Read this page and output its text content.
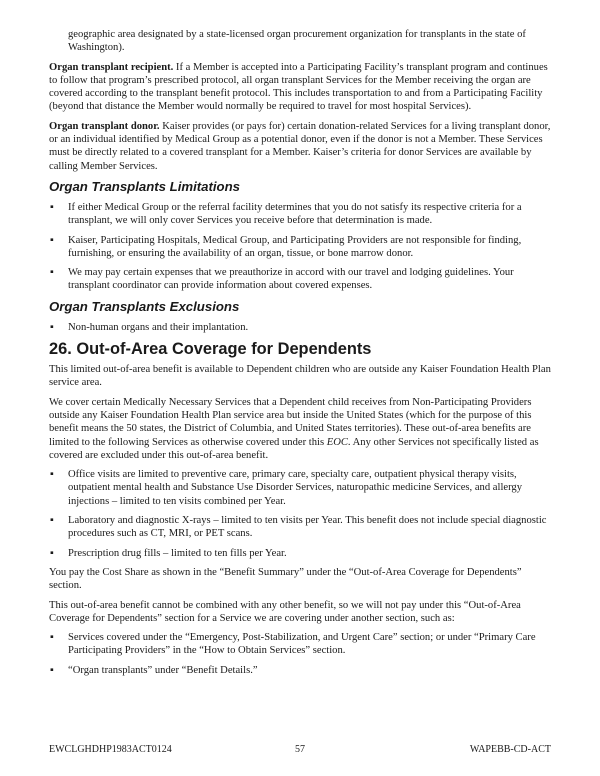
geographic area designated by a state-licensed organ procurement organization for transplants in the state of Washington).

Organ transplant recipient. If a Member is accepted into a Participating Facility’s transplant program and continues to follow that program’s prescribed protocol, all organ transplant Services for the Member receiving the organ are covered according to the transplant benefit protocol. This includes transportation to and from a Participating Facility (beyond that distance the Member would normally be required to travel for most hospital Services).

Organ transplant donor. Kaiser provides (or pays for) certain donation-related Services for a living transplant donor, or an individual identified by Medical Group as a potential donor, even if the donor is not a Member. These Services must be directly related to a covered transplant for a Member. Kaiser’s criteria for donor Services are available by calling Member Services.

Organ Transplants Limitations
▪ If either Medical Group or the referral facility determines that you do not satisfy its respective criteria for a transplant, we will only cover Services you receive before that determination is made.
▪ Kaiser, Participating Hospitals, Medical Group, and Participating Providers are not responsible for finding, furnishing, or ensuring the availability of an organ, tissue, or bone marrow donor.
▪ We may pay certain expenses that we preauthorize in accord with our travel and lodging guidelines. Your transplant coordinator can provide information about covered expenses.
Organ Transplants Exclusions
▪ Non-human organs and their implantation.
26. Out-of-Area Coverage for Dependents

This limited out-of-area benefit is available to Dependent children who are outside any Kaiser Foundation Health Plan service area.

We cover certain Medically Necessary Services that a Dependent child receives from Non-Participating Providers outside any Kaiser Foundation Health Plan service area but inside the United States (which for the purpose of this benefit means the 50 states, the District of Columbia, and United States territories). These out-of-area benefits are limited to the following Services as otherwise covered under this EOC. Any other Services not specifically listed as covered are excluded under this out-of-area benefit.

▪ Office visits are limited to preventive care, primary care, specialty care, outpatient physical therapy visits, outpatient mental health and Substance Use Disorder Services, naturopathic medicine Services, and allergy injections – limited to ten visits combined per Year.
▪ Laboratory and diagnostic X-rays – limited to ten visits per Year. This benefit does not include special diagnostic procedures such as CT, MRI, or PET scans.
▪ Prescription drug fills – limited to ten fills per Year.

You pay the Cost Share as shown in the “Benefit Summary” under the “Out-of-Area Coverage for Dependents” section.

This out-of-area benefit cannot be combined with any other benefit, so we will not pay under this “Out-of-Area Coverage for Dependents” section for a Service we are covering under another section, such as:

▪ Services covered under the “Emergency, Post-Stabilization, and Urgent Care” section; or under “Primary Care Participating Providers” in the “How to Obtain Services” section.
▪ “Organ transplants” under “Benefit Details.”
EWCLGHDHP1983ACT0124	57	WAPEBB-CD-ACT
